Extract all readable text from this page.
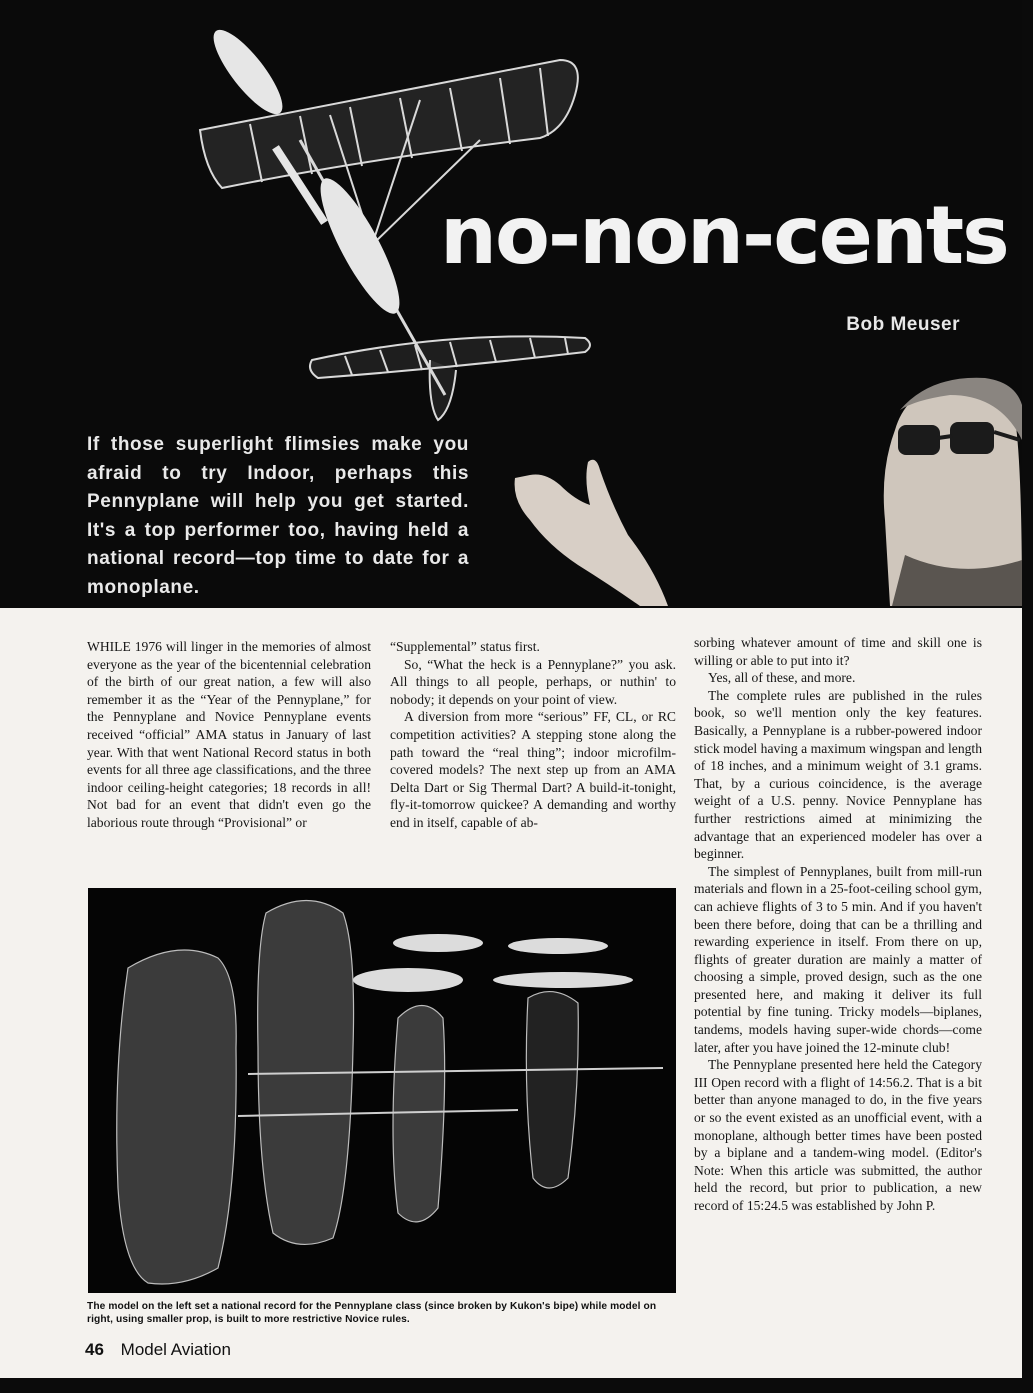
no-non-cents
Bob Meuser
If those superlight flimsies make you afraid to try Indoor, perhaps this Pennyplane will help you get started. It's a top performer too, having held a national record—top time to date for a monoplane.

WHILE 1976 will linger in the memories of almost everyone as the year of the bicentennial celebration of the birth of our great nation, a few will also remember it as the “Year of the Pennyplane,” for the Pennyplane and Novice Pennyplane events received “official” AMA status in January of last year. With that went National Record status in both events for all three age classifications, and the three indoor ceiling-height categories; 18 records in all! Not bad for an event that didn't even go the laborious route through “Provisional” or

“Supplemental” status first.

So, “What the heck is a Pennyplane?” you ask. All things to all people, perhaps, or nuthin' to nobody; it depends on your point of view.

A diversion from more “serious” FF, CL, or RC competition activities? A stepping stone along the path toward the “real thing”; indoor microfilm-covered models? The next step up from an AMA Delta Dart or Sig Thermal Dart? A build-it-tonight, fly-it-tomorrow quickee? A demanding and worthy end in itself, capable of ab-

sorbing whatever amount of time and skill one is willing or able to put into it?

Yes, all of these, and more.

The complete rules are published in the rules book, so we'll mention only the key features. Basically, a Pennyplane is a rubber-powered indoor stick model having a maximum wingspan and length of 18 inches, and a minimum weight of 3.1 grams. That, by a curious coincidence, is the average weight of a U.S. penny. Novice Pennyplane has further restrictions aimed at minimizing the advantage that an experienced modeler has over a beginner.

The simplest of Pennyplanes, built from mill-run materials and flown in a 25-foot-ceiling school gym, can achieve flights of 3 to 5 min. And if you haven't been there before, doing that can be a thrilling and rewarding experience in itself. From there on up, flights of greater duration are mainly a matter of choosing a simple, proved design, such as the one presented here, and making it deliver its full potential by fine tuning. Tricky models—biplanes, tandems, models having super-wide chords—come later, after you have joined the 12-minute club!

The Pennyplane presented here held the Category III Open record with a flight of 14:56.2. That is a bit better than anyone managed to do, in the five years or so the event existed as an unofficial event, with a monoplane, although better times have been posted by a biplane and a tandem-wing model. (Editor's Note: When this article was submitted, the author held the record, but prior to publication, a new record of 15:24.5 was established by John P.

The model on the left set a national record for the Pennyplane class (since broken by Kukon's bipe) while model on right, using smaller prop, is built to more restrictive Novice rules.
46 Model Aviation
